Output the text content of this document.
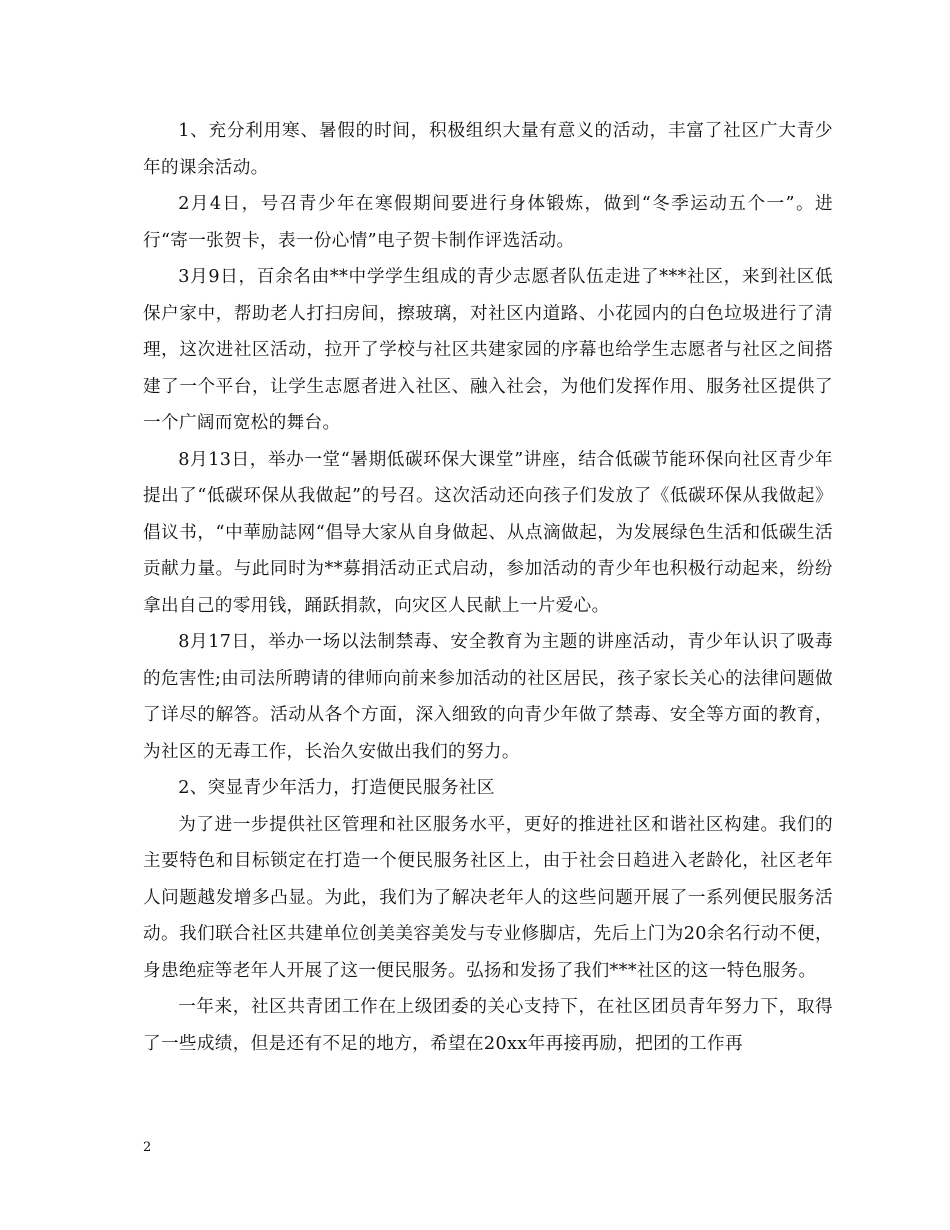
1、充分利用寒、暑假的时间，积极组织大量有意义的活动，丰富了社区广大青少年的课余活动。

2月4日，号召青少年在寒假期间要进行身体锻炼，做到“冬季运动五个一”。进行“寄一张贺卡，表一份心情”电子贺卡制作评选活动。

3月9日，百余名由**中学学生组成的青少志愿者队伍走进了***社区，来到社区低保户家中，帮助老人打扫房间，擦玻璃，对社区内道路、小花园内的白色垃圾进行了清理，这次进社区活动，拉开了学校与社区共建家园的序幕也给学生志愿者与社区之间搭建了一个平台，让学生志愿者进入社区、融入社会，为他们发挥作用、服务社区提供了一个广阔而宽松的舞台。

8月13日，举办一堂“暑期低碳环保大课堂”讲座，结合低碳节能环保向社区青少年提出了“低碳环保从我做起”的号召。这次活动还向孩子们发放了《低碳环保从我做起》倡议书，“中華励誌网“倡导大家从自身做起、从点滴做起，为发展绿色生活和低碳生活贡献力量。与此同时为**募捐活动正式启动，参加活动的青少年也积极行动起来，纷纷拿出自己的零用钱，踊跃捐款，向灾区人民献上一片爱心。

8月17日，举办一场以法制禁毒、安全教育为主题的讲座活动，青少年认识了吸毒的危害性;由司法所聘请的律师向前来参加活动的社区居民，孩子家长关心的法律问题做了详尽的解答。活动从各个方面，深入细致的向青少年做了禁毒、安全等方面的教育，为社区的无毒工作，长治久安做出我们的努力。

2、突显青少年活力，打造便民服务社区

为了进一步提供社区管理和社区服务水平，更好的推进社区和谐社区构建。我们的主要特色和目标锁定在打造一个便民服务社区上，由于社会日趋进入老龄化，社区老年人问题越发增多凸显。为此，我们为了解决老年人的这些问题开展了一系列便民服务活动。我们联合社区共建单位创美美容美发与专业修脚店，先后上门为20余名行动不便，身患绝症等老年人开展了这一便民服务。弘扬和发扬了我们***社区的这一特色服务。

一年来，社区共青团工作在上级团委的关心支持下，在社区团员青年努力下，取得了一些成绩，但是还有不足的地方，希望在20xx年再接再励，把团的工作再

2
